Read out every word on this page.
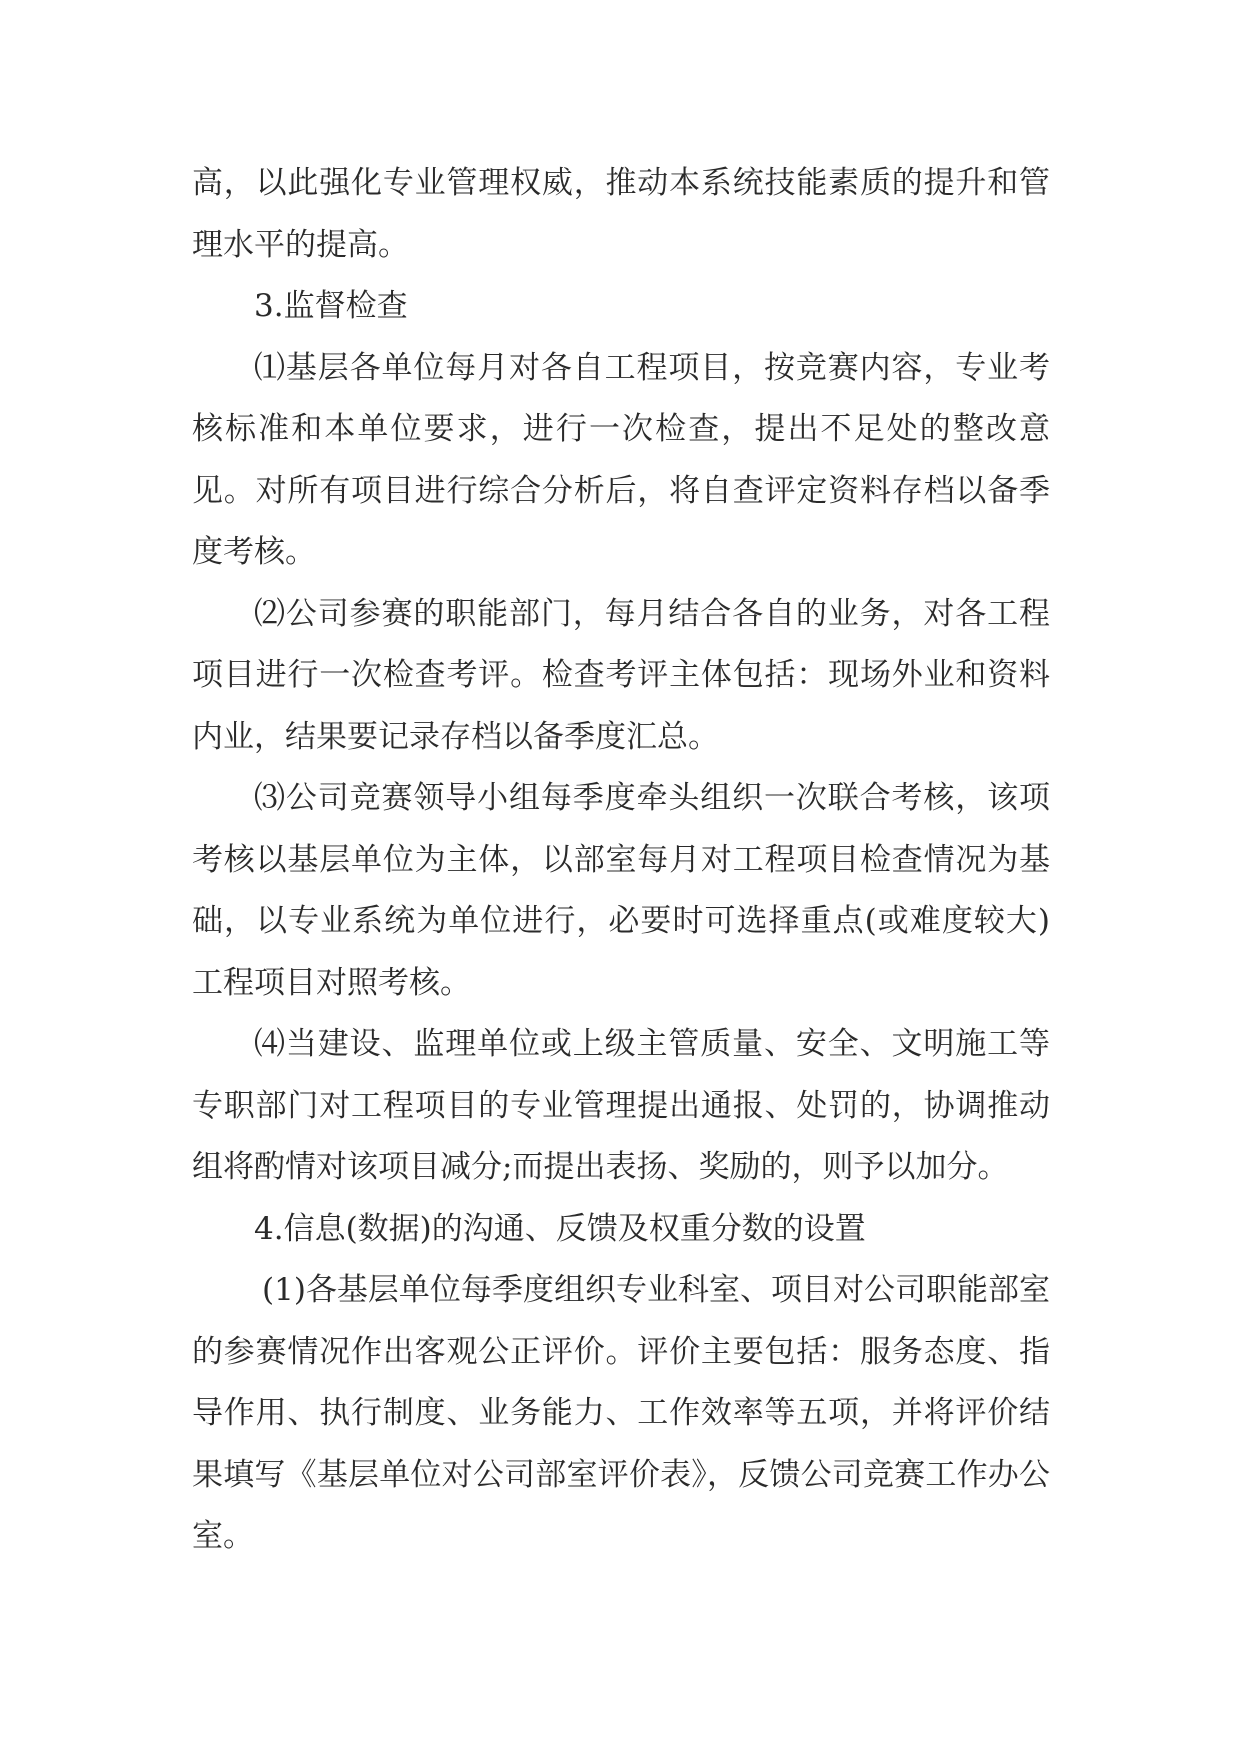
高，以此强化专业管理权威，推动本系统技能素质的提升和管理水平的提高。

3.监督检查

⑴基层各单位每月对各自工程项目，按竞赛内容，专业考核标准和本单位要求，进行一次检查，提出不足处的整改意见。对所有项目进行综合分析后，将自查评定资料存档以备季度考核。

⑵公司参赛的职能部门，每月结合各自的业务，对各工程项目进行一次检查考评。检查考评主体包括：现场外业和资料内业，结果要记录存档以备季度汇总。

⑶公司竞赛领导小组每季度牵头组织一次联合考核，该项考核以基层单位为主体，以部室每月对工程项目检查情况为基础，以专业系统为单位进行，必要时可选择重点(或难度较大)工程项目对照考核。

⑷当建设、监理单位或上级主管质量、安全、文明施工等专职部门对工程项目的专业管理提出通报、处罚的，协调推动组将酌情对该项目减分;而提出表扬、奖励的，则予以加分。

4.信息(数据)的沟通、反馈及权重分数的设置

(1)各基层单位每季度组织专业科室、项目对公司职能部室的参赛情况作出客观公正评价。评价主要包括：服务态度、指导作用、执行制度、业务能力、工作效率等五项，并将评价结果填写《基层单位对公司部室评价表》，反馈公司竞赛工作办公室。
